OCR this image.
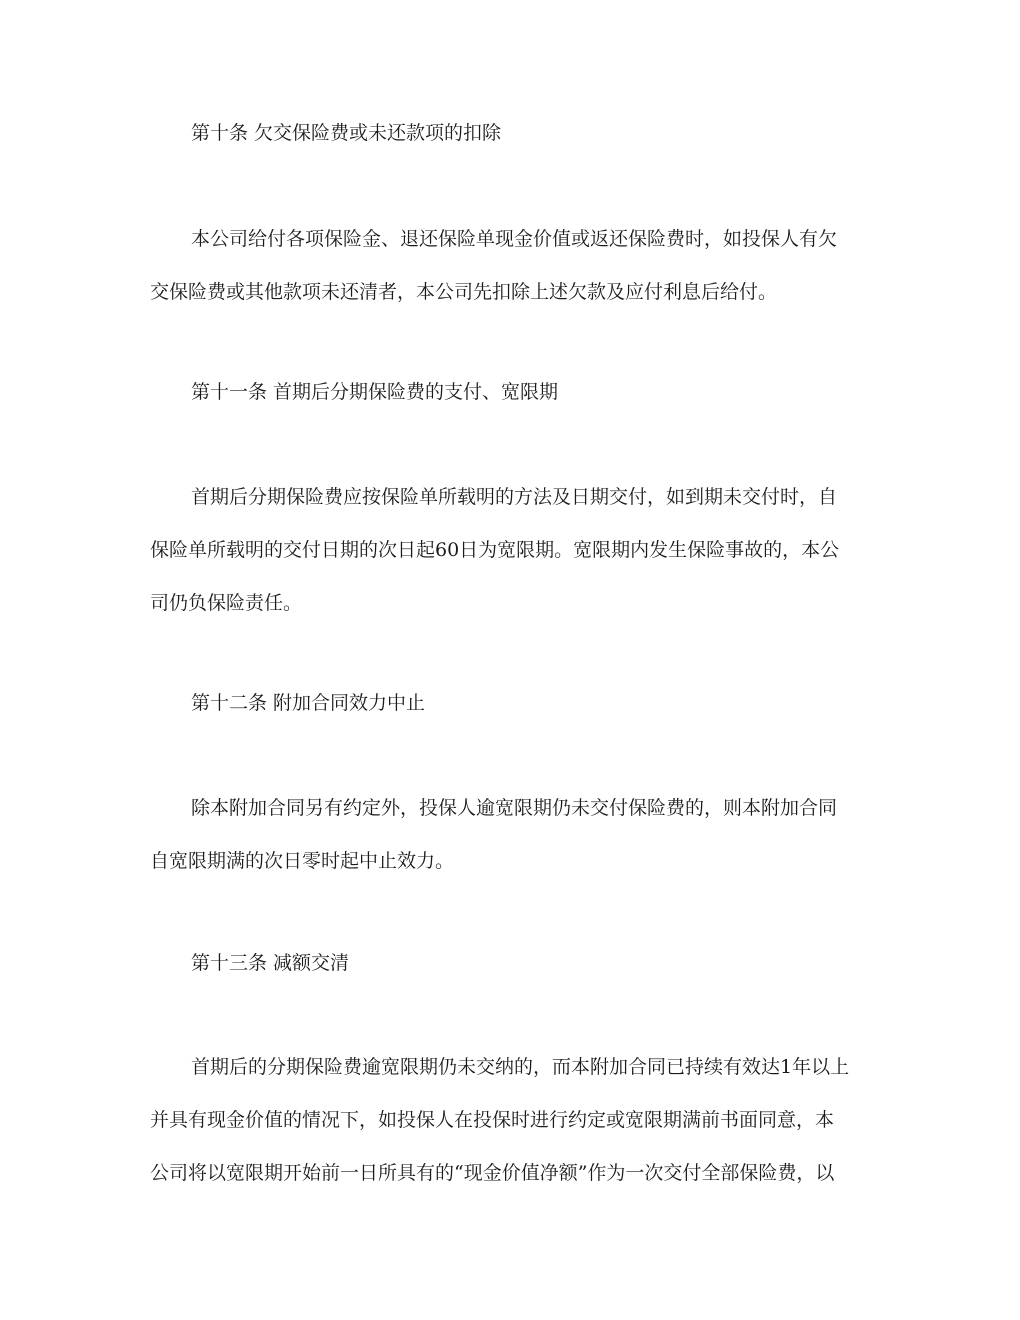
第十条 欠交保险费或未还款项的扣除
本公司给付各项保险金、退还保险单现金价值或返还保险费时，如投保人有欠
交保险费或其他款项未还清者，本公司先扣除上述欠款及应付利息后给付。
第十一条 首期后分期保险费的支付、宽限期
首期后分期保险费应按保险单所载明的方法及日期交付，如到期未交付时，自
保险单所载明的交付日期的次日起60日为宽限期。宽限期内发生保险事故的，本公
司仍负保险责任。
第十二条 附加合同效力中止
除本附加合同另有约定外，投保人逾宽限期仍未交付保险费的，则本附加合同
自宽限期满的次日零时起中止效力。
第十三条 减额交清
首期后的分期保险费逾宽限期仍未交纳的，而本附加合同已持续有效达1年以上
并具有现金价值的情况下，如投保人在投保时进行约定或宽限期满前书面同意，本
公司将以宽限期开始前一日所具有的“现金价值净额”作为一次交付全部保险费，以
